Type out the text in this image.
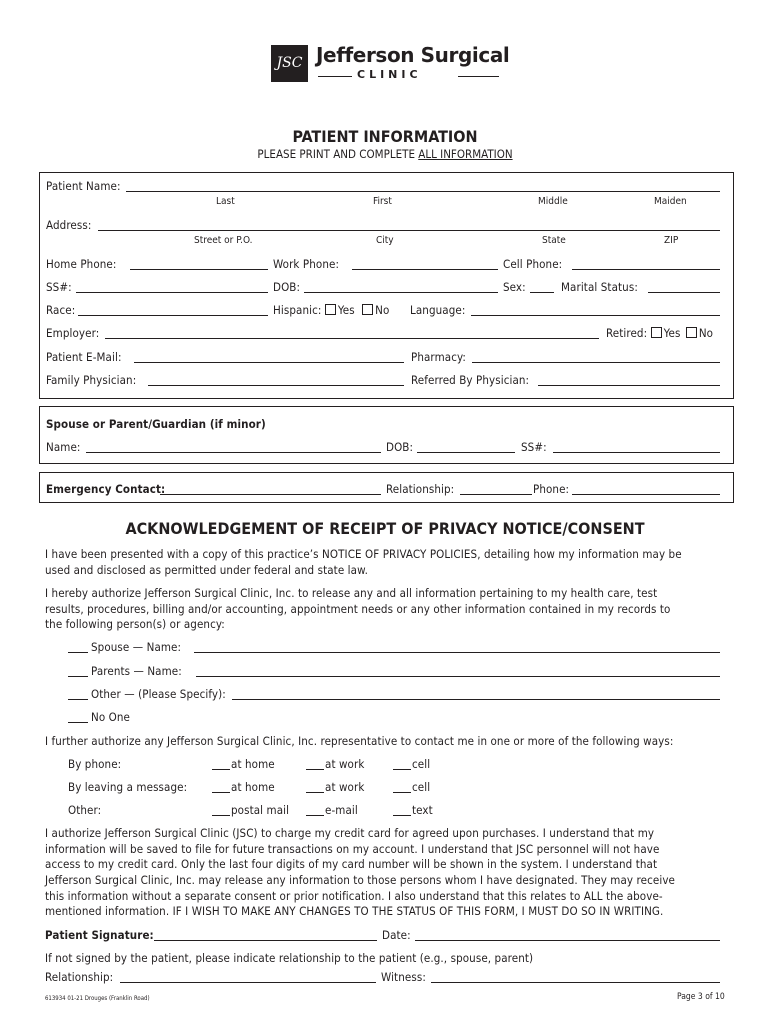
JSC Jefferson Surgical
CLINIC
PATIENT INFORMATION
PLEASE PRINT AND COMPLETE ALL INFORMATION
Patient Name:
Last	First	Middle	Maiden
Address:
Street or P.O.	City	State	ZIP
Home Phone:	Work Phone:	Cell Phone:
SS#:	DOB:	Sex:	Marital Status:
Race:	Hispanic: Yes No Language:
Employer:	Retired: Yes No
Patient E-Mail:	Pharmacy:
Family Physician:	Referred By Physician:
Spouse or Parent/Guardian (if minor)
Name:	DOB:	SS#:
Emergency Contact:	Relationship:	Phone:
ACKNOWLEDGEMENT OF RECEIPT OF PRIVACY NOTICE/CONSENT
I have been presented with a copy of this practice’s NOTICE OF PRIVACY POLICIES, detailing how my information may be
used and disclosed as permitted under federal and state law.
I hereby authorize Jefferson Surgical Clinic, Inc. to release any and all information pertaining to my health care, test
results, procedures, billing and/or accounting, appointment needs or any other information contained in my records to
the following person(s) or agency:
Spouse — Name:
Parents — Name:
Other — (Please Specify):
No One
I further authorize any Jefferson Surgical Clinic, Inc. representative to contact me in one or more of the following ways:
By phone:	at home	at work	cell
By leaving a message:	at home	at work	cell
Other:	postal mail	e-mail	text
I authorize Jefferson Surgical Clinic (JSC) to charge my credit card for agreed upon purchases. I understand that my
information will be saved to file for future transactions on my account. I understand that JSC personnel will not have
access to my credit card. Only the last four digits of my card number will be shown in the system. I understand that
Jefferson Surgical Clinic, Inc. may release any information to those persons whom I have designated. They may receive
this information without a separate consent or prior notification. I also understand that this relates to ALL the above-
mentioned information. IF I WISH TO MAKE ANY CHANGES TO THE STATUS OF THIS FORM, I MUST DO SO IN WRITING.
Patient Signature:	Date:
If not signed by the patient, please indicate relationship to the patient (e.g., spouse, parent)
Relationship:	Witness:
613934 01-21 Drouges (Franklin Road)	Page 3 of 10
